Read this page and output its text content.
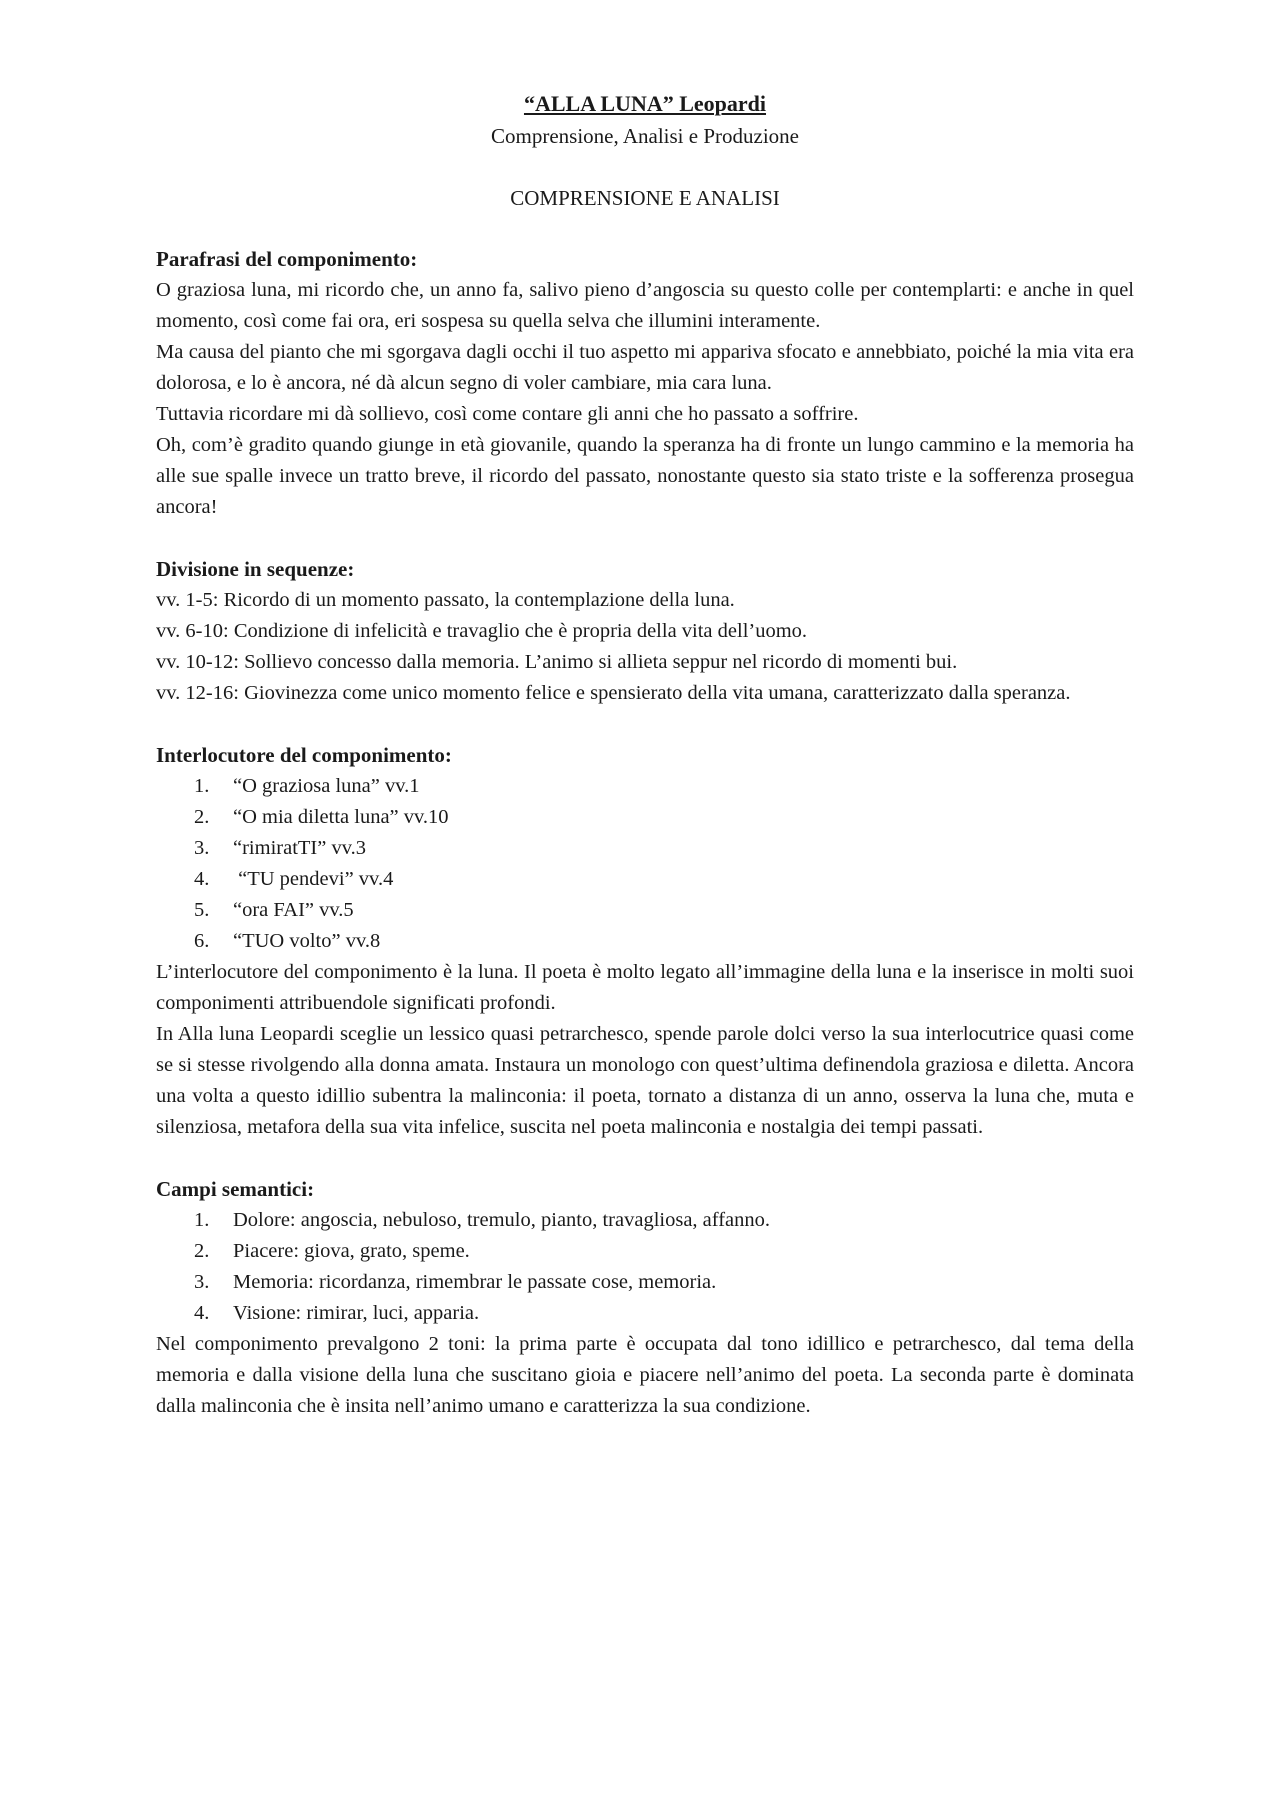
“ALLA LUNA” Leopardi

Comprensione, Analisi e Produzione

COMPRENSIONE E ANALISI

Parafrasi del componimento:

O graziosa luna, mi ricordo che, un anno fa, salivo pieno d’angoscia su questo colle per contemplarti: e anche in quel momento, così come fai ora, eri sospesa su quella selva che illumini interamente.

Ma causa del pianto che mi sgorgava dagli occhi il tuo aspetto mi appariva sfocato e annebbiato, poiché la mia vita era dolorosa, e lo è ancora, né dà alcun segno di voler cambiare, mia cara luna.

Tuttavia ricordare mi dà sollievo, così come contare gli anni che ho passato a soffrire.

Oh, com’è gradito quando giunge in età giovanile, quando la speranza ha di fronte un lungo cammino e la memoria ha alle sue spalle invece un tratto breve, il ricordo del passato, nonostante questo sia stato triste e la sofferenza prosegua ancora!

Divisione in sequenze:

vv. 1-5: Ricordo di un momento passato, la contemplazione della luna.

vv. 6-10: Condizione di infelicità e travaglio che è propria della vita dell’uomo.

vv. 10-12: Sollievo concesso dalla memoria. L’animo si allieta seppur nel ricordo di momenti bui.

vv. 12-16: Giovinezza come unico momento felice e spensierato della vita umana, caratterizzato dalla speranza.

Interlocutore del componimento:

1. “O graziosa luna” vv.1
2. “O mia diletta luna” vv.10
3. “rimiratTI” vv.3
4. “TU pendevi” vv.4
5. “ora FAI” vv.5
6. “TUO volto” vv.8

L’interlocutore del componimento è la luna. Il poeta è molto legato all’immagine della luna e la inserisce in molti suoi componimenti attribuendole significati profondi.

In Alla luna Leopardi sceglie un lessico quasi petrarchesco, spende parole dolci verso la sua interlocutrice quasi come se si stesse rivolgendo alla donna amata. Instaura un monologo con quest’ultima definendola graziosa e diletta. Ancora una volta a questo idillio subentra la malinconia: il poeta, tornato a distanza di un anno, osserva la luna che, muta e silenziosa, metafora della sua vita infelice, suscita nel poeta malinconia e nostalgia dei tempi passati.

Campi semantici:

1. Dolore: angoscia, nebuloso, tremulo, pianto, travagliosa, affanno.
2. Piacere: giova, grato, speme.
3. Memoria: ricordanza, rimembrar le passate cose, memoria.
4. Visione: rimirar, luci, apparia.

Nel componimento prevalgono 2 toni: la prima parte è occupata dal tono idillico e petrarchesco, dal tema della memoria e dalla visione della luna che suscitano gioia e piacere nell’animo del poeta. La seconda parte è dominata dalla malinconia che è insita nell’animo umano e caratterizza la sua condizione.
